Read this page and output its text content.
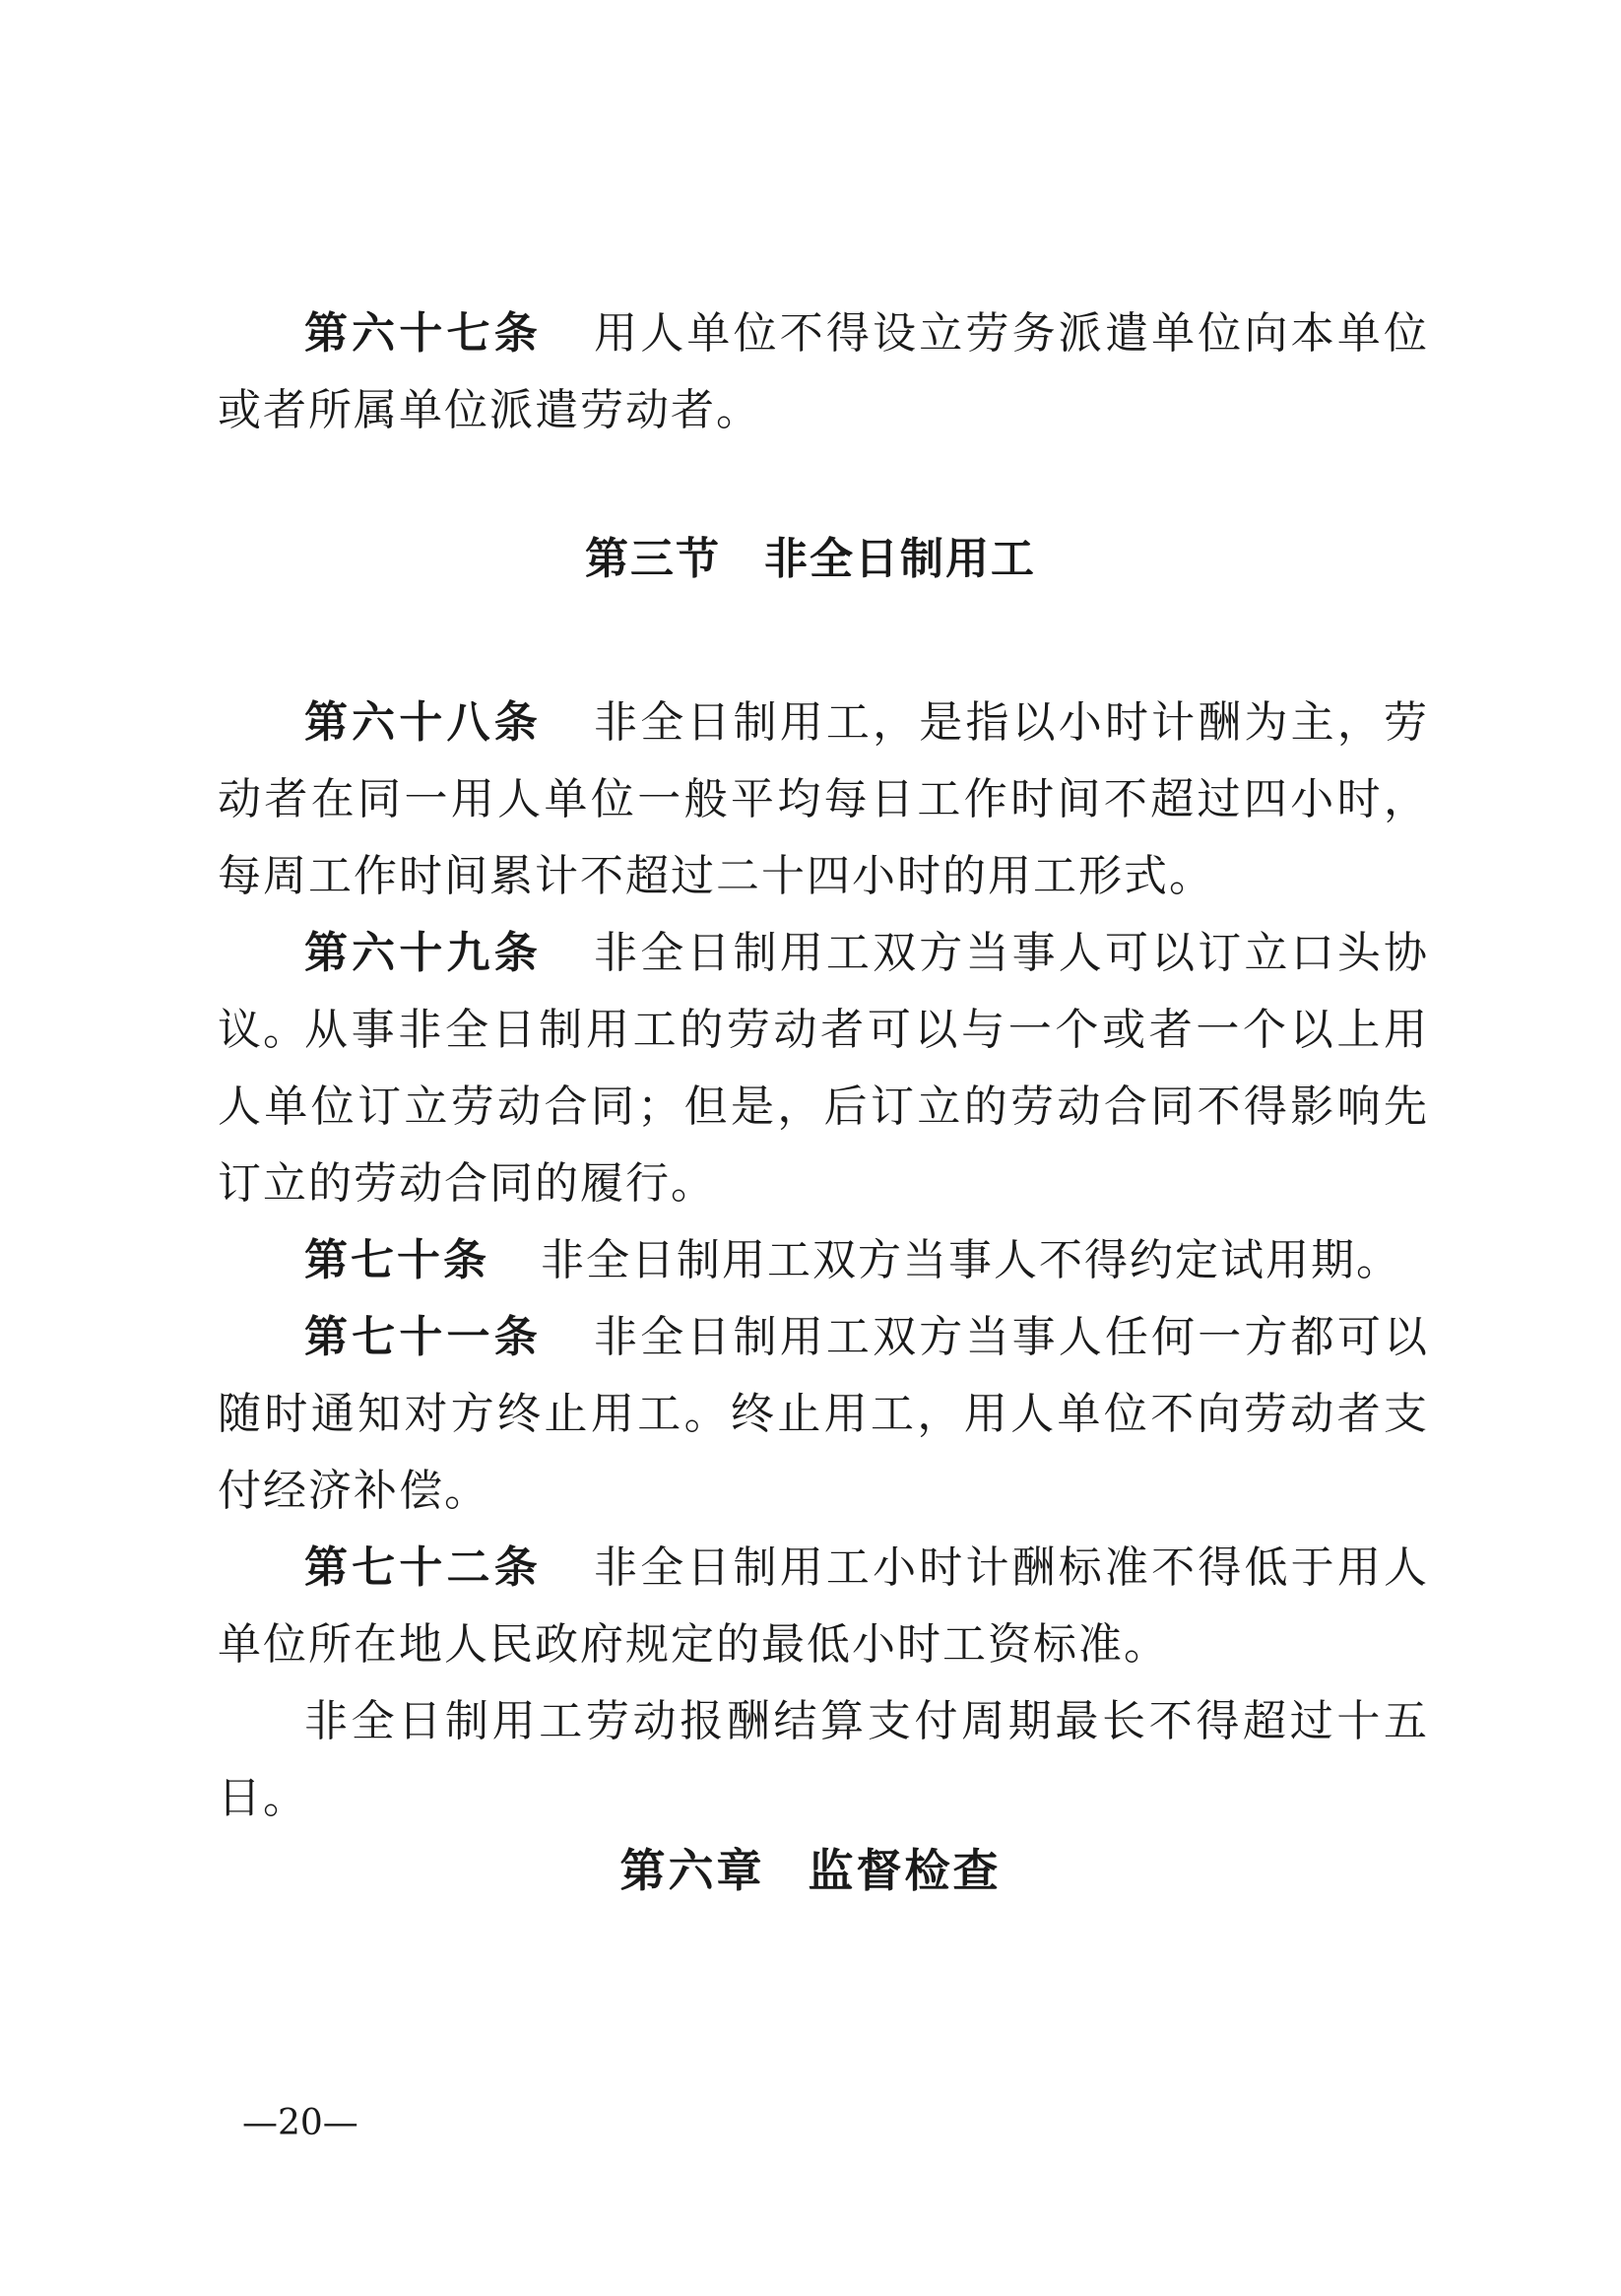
第六十七条 用人单位不得设立劳务派遣单位向本单位或者所属单位派遣劳动者。

第三节 非全日制用工

第六十八条 非全日制用工，是指以小时计酬为主，劳动者在同一用人单位一般平均每日工作时间不超过四小时，每周工作时间累计不超过二十四小时的用工形式。

第六十九条 非全日制用工双方当事人可以订立口头协议。

从事非全日制用工的劳动者可以与一个或者一个以上用人单位订立劳动合同；但是，后订立的劳动合同不得影响先订立的劳动合同的履行。

第七十条 非全日制用工双方当事人不得约定试用期。

第七十一条 非全日制用工双方当事人任何一方都可以随时通知对方终止用工。终止用工，用人单位不向劳动者支付经济补偿。

第七十二条 非全日制用工小时计酬标准不得低于用人单位所在地人民政府规定的最低小时工资标准。

非全日制用工劳动报酬结算支付周期最长不得超过十五日。

第六章 监督检查
—20—
